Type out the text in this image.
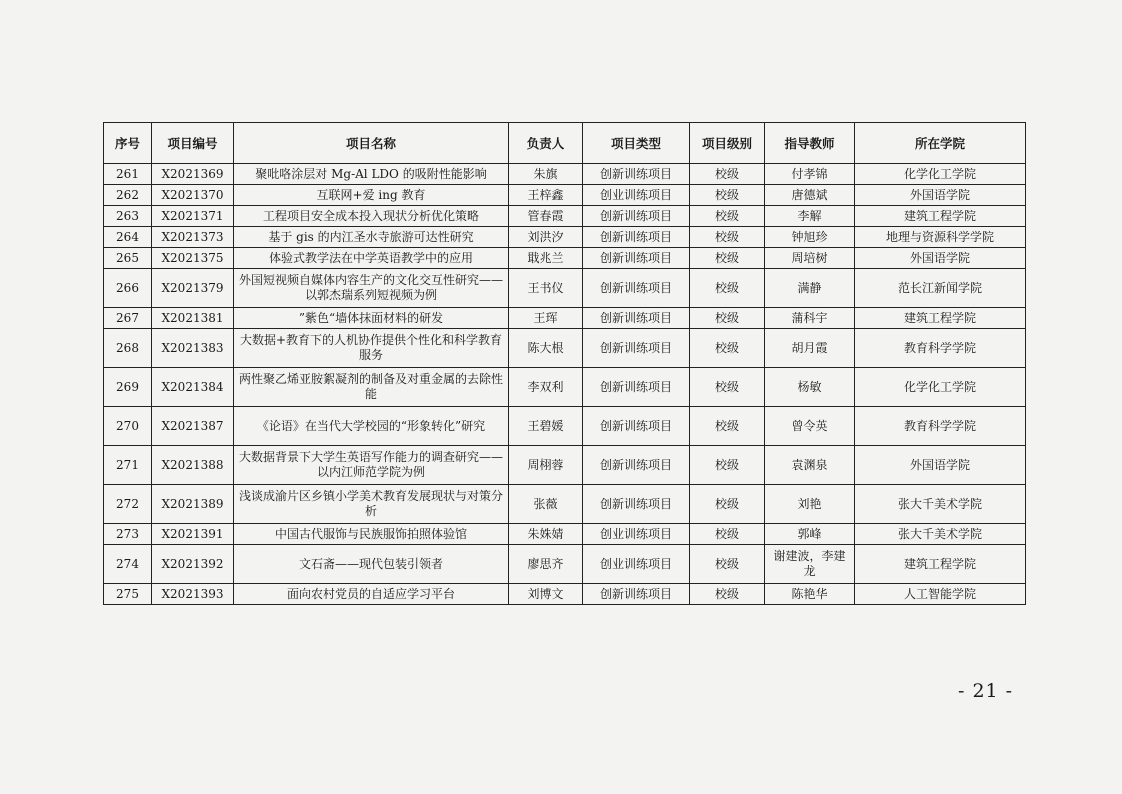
序号	项目编号	项目名称	负责人	项目类型	项目级别	指导教师	所在学院
261	X2021369	聚吡咯涂层对 Mg-Al LDO 的吸附性能影响	朱旗	创新训练项目	校级	付孝锦	化学化工学院
262	X2021370	互联网+爱 ing 教育	王梓鑫	创业训练项目	校级	唐德斌	外国语学院
263	X2021371	工程项目安全成本投入现状分析优化策略	管春霞	创新训练项目	校级	李解	建筑工程学院
264	X2021373	基于 gis 的内江圣水寺旅游可达性研究	刘洪汐	创新训练项目	校级	钟旭珍	地理与资源科学学院
265	X2021375	体验式教学法在中学英语教学中的应用	戢兆兰	创新训练项目	校级	周培树	外国语学院
266	X2021379	外国短视频自媒体内容生产的文化交互性研究——以郭杰瑞系列短视频为例	王书仪	创新训练项目	校级	满静	范长江新闻学院
267	X2021381	”紫色“墙体抹面材料的研发	王珲	创新训练项目	校级	蒲科宇	建筑工程学院
268	X2021383	大数据+教育下的人机协作提供个性化和科学教育服务	陈大根	创新训练项目	校级	胡月霞	教育科学学院
269	X2021384	两性聚乙烯亚胺絮凝剂的制备及对重金属的去除性能	李双利	创新训练项目	校级	杨敏	化学化工学院
270	X2021387	《论语》在当代大学校园的“形象转化”研究	王碧媛	创新训练项目	校级	曾令英	教育科学学院
271	X2021388	大数据背景下大学生英语写作能力的调查研究——以内江师范学院为例	周栩蓉	创新训练项目	校级	袁渊泉	外国语学院
272	X2021389	浅谈成渝片区乡镇小学美术教育发展现状与对策分析	张薇	创新训练项目	校级	刘艳	张大千美术学院
273	X2021391	中国古代服饰与民族服饰拍照体验馆	朱姝婧	创业训练项目	校级	郭峰	张大千美术学院
274	X2021392	文石斋——现代包装引领者	廖思齐	创业训练项目	校级	谢建波，李建龙	建筑工程学院
275	X2021393	面向农村党员的自适应学习平台	刘博文	创新训练项目	校级	陈艳华	人工智能学院
- 21 -
